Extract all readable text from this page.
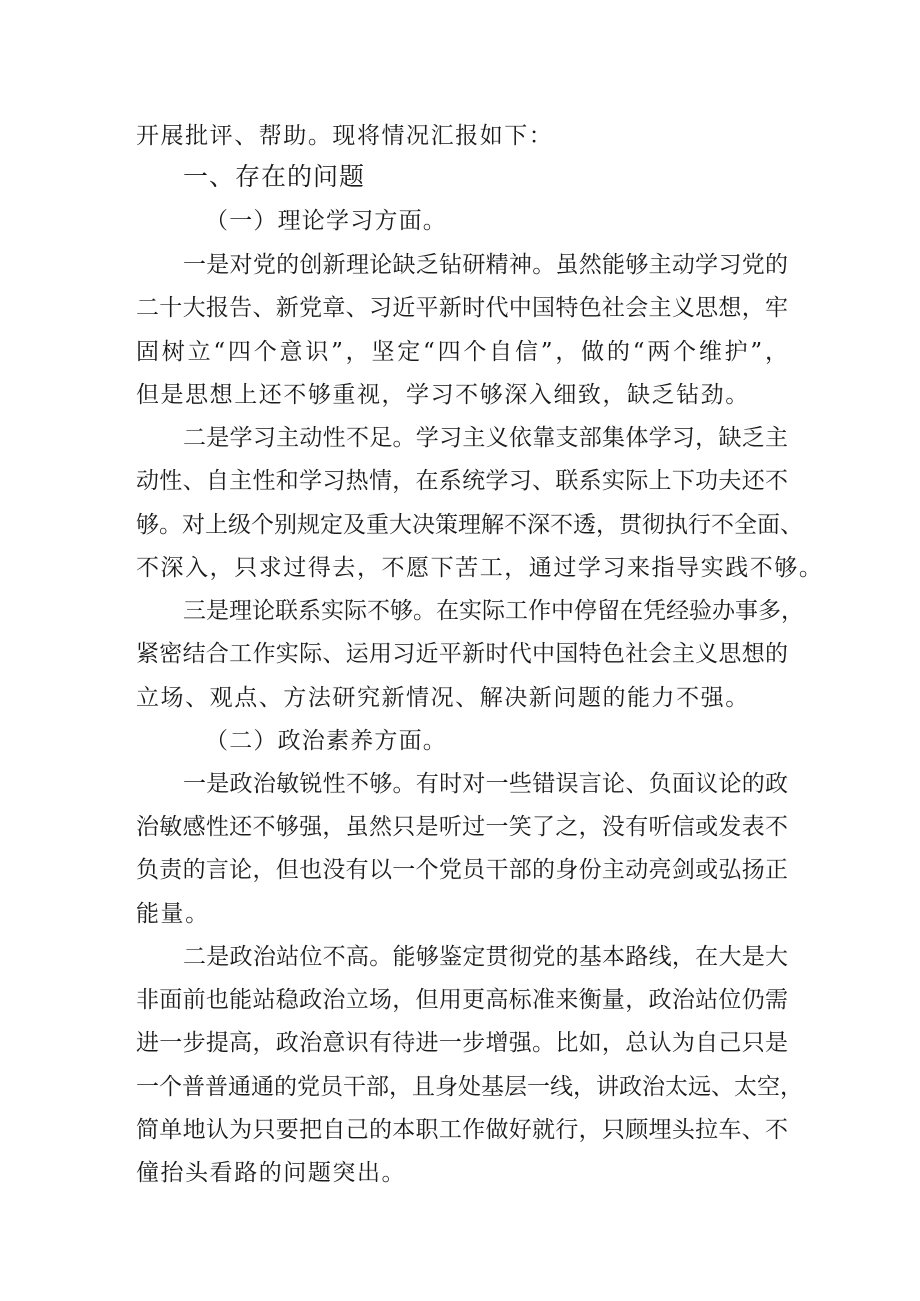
开展批评、帮助。现将情况汇报如下：
一、存在的问题
（一）理论学习方面。
一是对党的创新理论缺乏钻研精神。虽然能够主动学习党的
二十大报告、新党章、习近平新时代中国特色社会主义思想，牢
固树立“四个意识”，坚定“四个自信”，做的“两个维护”，
但是思想上还不够重视，学习不够深入细致，缺乏钻劲。
二是学习主动性不足。学习主义依靠支部集体学习，缺乏主
动性、自主性和学习热情，在系统学习、联系实际上下功夫还不
够。对上级个别规定及重大决策理解不深不透，贯彻执行不全面、
不深入，只求过得去，不愿下苦工，通过学习来指导实践不够。
三是理论联系实际不够。在实际工作中停留在凭经验办事多，
紧密结合工作实际、运用习近平新时代中国特色社会主义思想的
立场、观点、方法研究新情况、解决新问题的能力不强。
（二）政治素养方面。
一是政治敏锐性不够。有时对一些错误言论、负面议论的政
治敏感性还不够强，虽然只是听过一笑了之，没有听信或发表不
负责的言论，但也没有以一个党员干部的身份主动亮剑或弘扬正
能量。
二是政治站位不高。能够鉴定贯彻党的基本路线，在大是大
非面前也能站稳政治立场，但用更高标准来衡量，政治站位仍需
进一步提高，政治意识有待进一步增强。比如，总认为自己只是
一个普普通通的党员干部，且身处基层一线，讲政治太远、太空，
简单地认为只要把自己的本职工作做好就行，只顾埋头拉车、不
僮抬头看路的问题突出。
